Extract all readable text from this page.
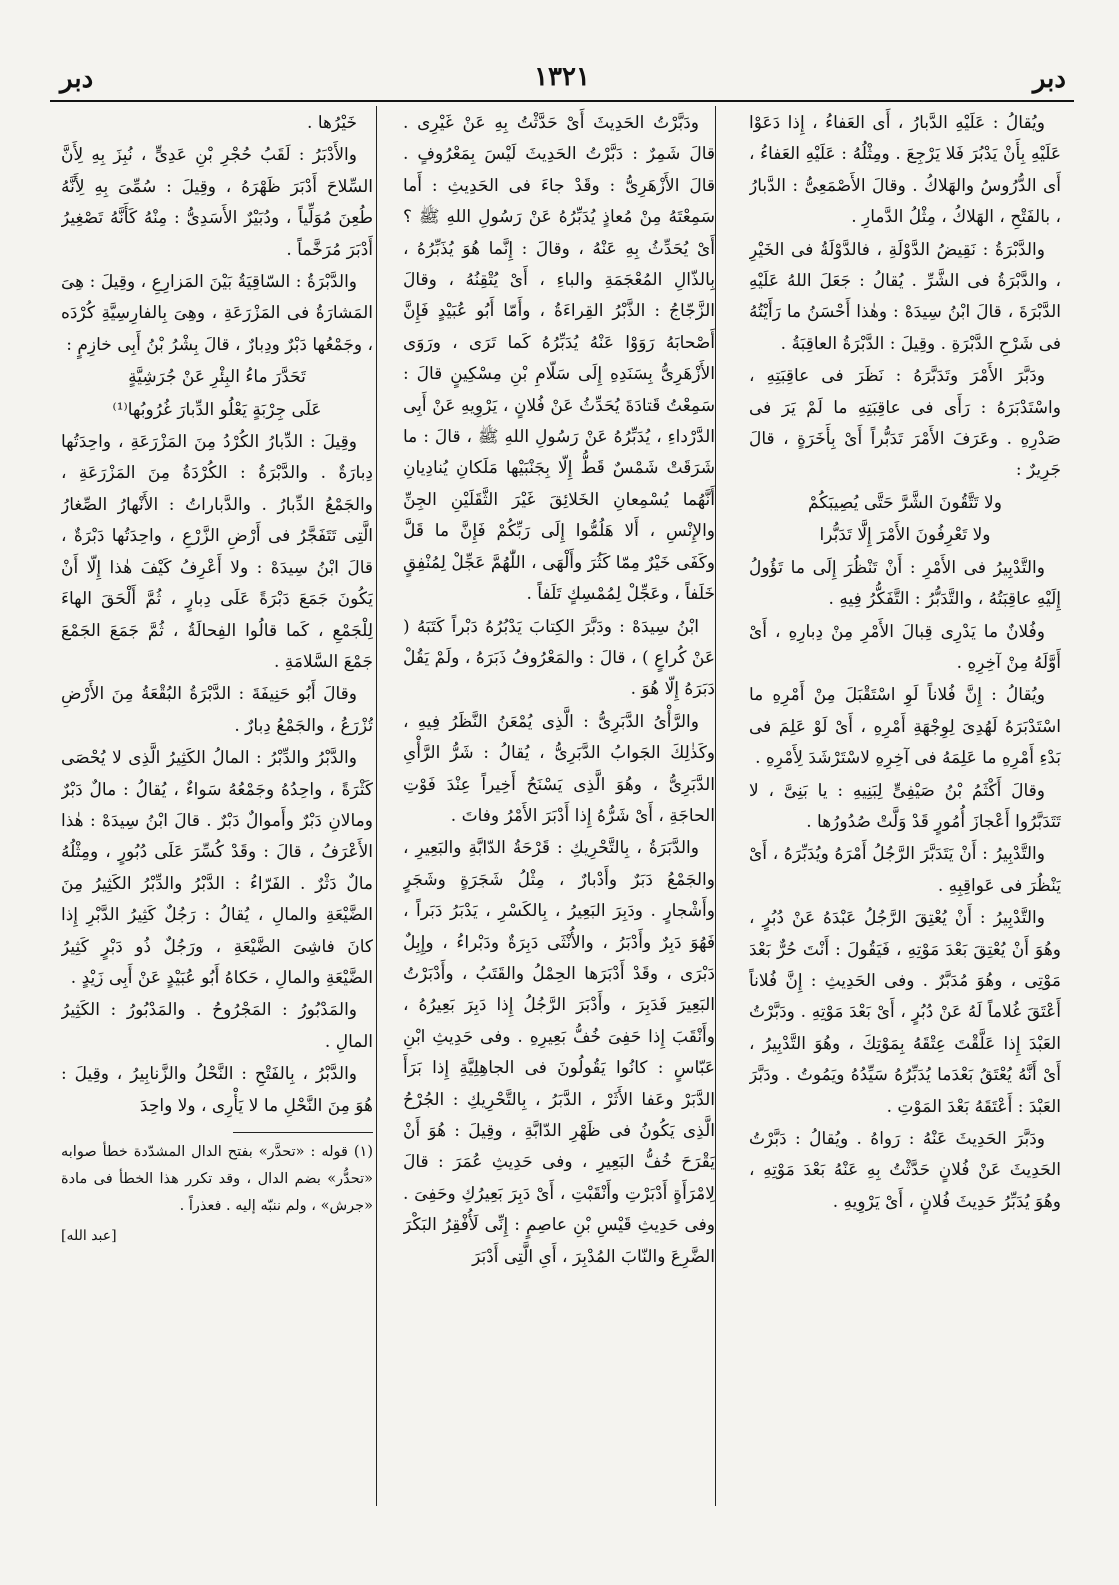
دبر
١٣٢١
دبر

ويُقالُ : عَلَيْهِ الدَّبارُ ، أَى العَفاءُ ، إِذا دَعَوْا عَلَيْهِ بِأَنْ يَدْبُرَ فَلا يَرْجِعَ . ومِثْلُهُ : عَلَيْهِ العَفاءُ ، أَى الدُّرُوسُ والهَلاكُ . وقالَ الأَصْمَعِىُّ : الدَّبارُ ، بالفَتْحِ ، الهَلاكُ ، مِثْلُ الدَّمارِ .

والدَّبْرَةُ : نَقِيضُ الدَّوْلَةِ ، فالدَّوْلَةُ فى الخَيْرِ ، والدَّبْرَةُ فى الشَّرِّ . يُقالُ : جَعَلَ اللهُ عَلَيْهِ الدَّبْرَةَ ، قالَ ابْنُ سِيدَهْ : وهٰذا أَحْسَنُ ما رَأَيْتُهُ فى شَرْحِ الدَّبْرَةِ . وقِيلَ : الدَّبْرَةُ العاقِبَةُ .

ودَبَّرَ الأَمْرَ وتَدَبَّرَهُ : نَظَرَ فى عاقِبَتِهِ ، واسْتَدْبَرَهُ : رَأَى فى عاقِبَتِهِ ما لَمْ يَرَ فى صَدْرِهِ . وعَرَفَ الأَمْرَ تَدَبُّراً أَىْ بِأَخَرَةٍ ، قالَ جَرِيرٌ :

ولا تَتَّقُونَ الشَّرَّ حَتَّى يُصِيبَكُمْ

ولا تَعْرِفُونَ الأَمْرَ إِلَّا تَدَبُّرا

والتَّدْبِيرُ فى الأَمْرِ : أَنْ تَنْظُرَ إِلَى ما تَؤُولُ إِلَيْهِ عاقِبَتُهُ ، والتَّدَبُّرُ : التَّفَكُّرُ فِيهِ .

وفُلانٌ ما يَدْرِى قِبالَ الأَمْرِ مِنْ دِبارِهِ ، أَىْ أَوَّلَهُ مِنْ آخِرِهِ .

ويُقالُ : إِنَّ فُلاناً لَوِ اسْتَقْبَلَ مِنْ أَمْرِهِ ما اسْتَدْبَرَهُ لَهُدِىَ لِوِجْهَةِ أَمْرِهِ ، أَىْ لَوْ عَلِمَ فى بَدْءِ أَمْرِهِ ما عَلِمَهُ فى آخِرِهِ لاسْتَرْشَدَ لِأَمْرِهِ .

وقالَ أَكْثَمُ بْنُ صَيْفِىٍّ لِبَنِيهِ : يا بَنِىَّ ، لا تَتَدَبَّرُوا أَعْجازَ أُمُورٍ قَدْ وَلَّتْ صُدُورُها .

والتَّدْبِيرُ : أَنْ يَتَدَبَّرَ الرَّجُلُ أَمْرَهُ ويُدَبِّرَهُ ، أَىْ يَنْظُرَ فى عَواقِبِهِ .

والتَّدْبِيرُ : أَنْ يُعْتِقَ الرَّجُلُ عَبْدَهُ عَنْ دُبُرٍ ، وهُوَ أَنْ يُعْتِقَ بَعْدَ مَوْتِهِ ، فَيَقُولَ : أَنْتَ حُرٌّ بَعْدَ مَوْتِى ، وهُوَ مُدَبَّرٌ . وفى الحَدِيثِ : إِنَّ فُلاناً أَعْتَقَ غُلاماً لَهُ عَنْ دُبُرٍ ، أَىْ بَعْدَ مَوْتِهِ . ودَبَّرْتُ العَبْدَ إِذا عَلَّقْتَ عِتْقَهُ بِمَوْتِكَ ، وهُوَ التَّدْبِيرُ ، أَىْ أَنَّهُ يُعْتَقُ بَعْدَما يُدَبِّرُهُ سَيِّدُهُ ويَمُوتُ . ودَبَّرَ العَبْدَ : أَعْتَقَهُ بَعْدَ المَوْتِ .

ودَبَّرَ الحَدِيثَ عَنْهُ : رَواهُ . ويُقالُ : دَبَّرْتُ الحَدِيثَ عَنْ فُلانٍ حَدَّثْتُ بِهِ عَنْهُ بَعْدَ مَوْتِهِ ، وهُوَ يُدَبِّرُ حَدِيثَ فُلانٍ ، أَىْ يَرْوِيهِ .

ودَبَّرْتُ الحَدِيثَ أَىْ حَدَّثْتُ بِهِ عَنْ غَيْرِى . قالَ شَمِرٌ : دَبَّرْتُ الحَدِيثَ لَيْسَ بِمَعْرُوفٍ . قالَ الأَزْهَرِىُّ : وقَدْ جاءَ فى الحَدِيثِ : أَما سَمِعْتَهُ مِنْ مُعاذٍ يُدَبِّرُهُ عَنْ رَسُولِ اللهِ ﷺ ؟ أَىْ يُحَدِّثُ بِهِ عَنْهُ ، وقالَ : إِنَّما هُوَ يُذَبِّرُهُ ، بِالذّالِ المُعْجَمَةِ والباءِ ، أَىْ يُتْقِنُهُ ، وقالَ الزَّجّاجُ : الذَّبْرُ القِراءَةُ ، وأَمّا أَبُو عُبَيْدٍ فَإِنَّ أَصْحابَهُ رَوَوْا عَنْهُ يُدَبِّرُهُ كَما تَرَى ، ورَوَى الأَزْهَرِىُّ بِسَنَدِهِ إِلَى سَلّامِ بْنِ مِسْكِينٍ قالَ : سَمِعْتُ قَتادَةَ يُحَدِّثُ عَنْ فُلانٍ ، يَرْوِيهِ عَنْ أَبِى الدَّرْداءِ ، يُدَبِّرُهُ عَنْ رَسُولِ اللهِ ﷺ ، قالَ : ما شَرَقَتْ شَمْسٌ قَطُّ إِلّا بِجَنْبَيْها مَلَكانِ يُنادِيانِ أَنَّهُما يُسْمِعانِ الخَلائِقَ غَيْرَ الثَّقَلَيْنِ الجِنِّ والإِنْسِ ، أَلا هَلُمُّوا إِلَى رَبِّكُمْ فَإِنَّ ما قَلَّ وكَفَى خَيْرٌ مِمّا كَثُرَ وأَلْهَى ، اللّٰهُمَّ عَجِّلْ لِمُنْفِقٍ خَلَفاً ، وعَجِّلْ لِمُمْسِكٍ تَلَفاً .

ابْنُ سِيدَهْ : ودَبَّرَ الكِتابَ يَدْبُرُهُ دَبْراً كَتَبَهُ ( عَنْ كُراعٍ ) ، قالَ : والمَعْرُوفُ ذَبَرَهُ ، ولَمْ يَقُلْ دَبَرَهُ إِلّا هُوَ .

والرَّأْىُ الدَّبَرِىُّ : الَّذِى يُمْعَنُ النَّظَرُ فِيهِ ، وكَذٰلِكَ الجَوابُ الدَّبَرِىُّ ، يُقالُ : شَرُّ الرَّأْىِ الدَّبَرِىُّ ، وهُوَ الَّذِى يَسْنَحُ أَخِيراً عِنْدَ فَوْتِ الحاجَةِ ، أَىْ شَرُّهُ إِذا أَدْبَرَ الأَمْرُ وفاتَ .

والدَّبَرَةُ ، بِالتَّحْرِيكِ : قَرْحَةُ الدّابَّةِ والبَعِيرِ ، والجَمْعُ دَبَرٌ وأَدْبارٌ ، مِثْلُ شَجَرَةٍ وشَجَرٍ وأَشْجارٍ . ودَبِرَ البَعِيرُ ، بِالكَسْرِ ، يَدْبَرُ دَبَراً ، فَهُوَ دَبِرٌ وأَدْبَرُ ، والأُنْثَى دَبِرَةٌ ودَبْراءُ ، وإِبِلٌ دَبْرَى ، وقَدْ أَدْبَرَها الحِمْلُ والقَتَبُ ، وأَدْبَرْتُ البَعِيرَ فَدَبِرَ ، وأَدْبَرَ الرَّجُلُ إِذا دَبِرَ بَعِيرُهُ ، وأَنْقَبَ إِذا حَفِىَ خُفُّ بَعِيرِهِ . وفى حَدِيثِ ابْنِ عَبّاسٍ : كانُوا يَقُولُونَ فى الجاهِلِيَّةِ إِذا بَرَأَ الدَّبَرْ وعَفا الأَثَرْ ، الدَّبَرُ ، بِالتَّحْرِيكِ : الجُرْحُ الَّذِى يَكُونُ فى ظَهْرِ الدّابَّةِ ، وقِيلَ : هُوَ أَنْ يَقْرَحَ خُفُّ البَعِيرِ ، وفى حَدِيثِ عُمَرَ : قالَ لِامْرَأَةٍ أَدْبَرْتِ وأَنْقَبْتِ ، أَىْ دَبِرَ بَعِيرُكِ وحَفِىَ . وفى حَدِيثِ قَيْسِ بْنِ عاصِمٍ : إِنِّى لَأُفْقِرُ البَكْرَ الضَّرِعَ والنّابَ المُدْبِرَ ، أَىِ الَّتِى أَدْبَرَ

خَيْرُها .

والأَدْبَرُ : لَقَبُ حُجْرِ بْنِ عَدِىٍّ ، نُبِزَ بِهِ لِأَنَّ السِّلاحَ أَدْبَرَ ظَهْرَهُ ، وقِيلَ : سُمِّىَ بِهِ لِأَنَّهُ طُعِنَ مُوَلِّياً ، ودُبَيْرٌ الأَسَدِىُّ : مِنْهُ كَأَنَّهُ تَصْغِيرُ أَدْبَرَ مُرَخَّماً .

والدَّبْرَةُ : السّاقِيَةُ بَيْنَ المَزارِعِ ، وقِيلَ : هِىَ المَشارَةُ فى المَزْرَعَةِ ، وهِىَ بِالفارِسِيَّةِ كُرْدَه ، وجَمْعُها دَبْرٌ ودِبارٌ ، قالَ بِشْرُ بْنُ أَبِى خازِمٍ :

تَحَدَّرَ ماءُ البِئْرِ عَنْ جُرَشِيَّةٍ

عَلَى جِرْبَةٍ يَعْلُو الدِّبارَ غُرُوبُها⁽¹⁾

وقِيلَ : الدِّبارُ الكُرْدُ مِنَ المَزْرَعَةِ ، واحِدَتُها دِبارَةٌ . والدَّبْرَةُ : الكُرْدَةُ مِنَ المَزْرَعَةِ ، والجَمْعُ الدِّبارُ . والدَّباراتُ : الأَنْهارُ الصِّغارُ الَّتِى تَتَفَجَّرُ فى أَرْضِ الزَّرْعِ ، واحِدَتُها دَبْرَةٌ ، قالَ ابْنُ سِيدَهْ : ولا أَعْرِفُ كَيْفَ هٰذا إِلّا أَنْ يَكُونَ جَمَعَ دَبْرَةً عَلَى دِبارٍ ، ثُمَّ أَلْحَقَ الهاءَ لِلْجَمْعِ ، كَما قالُوا الفِحالَةُ ، ثُمَّ جَمَعَ الجَمْعَ جَمْعَ السَّلامَةِ .

وقالَ أَبُو حَنِيفَةَ : الدَّبْرَةُ البُقْعَةُ مِنَ الأَرْضِ تُزْرَعُ ، والجَمْعُ دِبارٌ .

والدَّبْرُ والدِّبْرُ : المالُ الكَثِيرُ الَّذِى لا يُحْصَى كَثْرَةً ، واحِدُهُ وجَمْعُهُ سَواءٌ ، يُقالُ : مالٌ دَبْرٌ ومالانِ دَبْرٌ وأَموالٌ دَبْرٌ . قالَ ابْنُ سِيدَهْ : هٰذا الأَعْرَفُ ، قالَ : وقَدْ كُسِّرَ عَلَى دُبُورٍ ، ومِثْلُهُ مالٌ دَثْرٌ . الفَرّاءُ : الدَّبْرُ والدِّبْرُ الكَثِيرُ مِنَ الضَّيْعَةِ والمالِ ، يُقالُ : رَجُلٌ كَثِيرُ الدَّبْرِ إِذا كانَ فاشِىَ الضَّيْعَةِ ، ورَجُلٌ ذُو دَبْرٍ كَثِيرُ الضَّيْعَةِ والمالِ ، حَكاهُ أَبُو عُبَيْدٍ عَنْ أَبِى زَيْدٍ .

والمَدْبُورُ : المَجْرُوحُ . والمَدْبُورُ : الكَثِيرُ المالِ .

والدَّبْرُ ، بِالفَتْحِ : النَّحْلُ والزَّنابِيرُ ، وقِيلَ : هُوَ مِنَ النَّحْلِ ما لا يَأْرِى ، ولا واحِدَ

(١) قوله : «تحدَّر» بفتح الدال المشدّدة خطأ صوابه «تحدُّر» بضم الدال ، وقد تكرر هذا الخطأ فى مادة «جرش» ، ولم ننبّه إليه . فعذراً .

[عبد الله]
